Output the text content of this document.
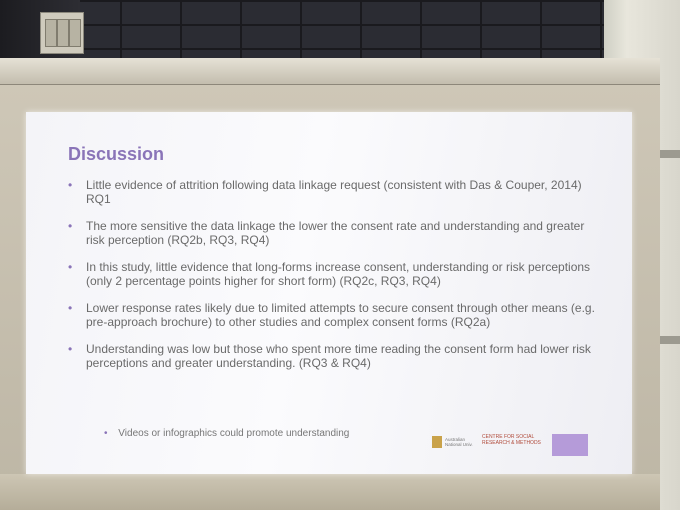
Discussion
• Little evidence of attrition following data linkage request (consistent with Das & Couper, 2014) RQ1
• The more sensitive the data linkage the lower the consent rate and understanding and greater risk perception (RQ2b, RQ3, RQ4)
• In this study, little evidence that long-forms increase consent, understanding or risk perceptions (only 2 percentage points higher for short form) (RQ2c, RQ3, RQ4)
• Lower response rates likely due to limited attempts to secure consent through other means (e.g. pre-approach brochure) to other studies and complex consent forms (RQ2a)
• Understanding was low but those who spent more time reading the consent form had lower risk perceptions and greater understanding. (RQ3 & RQ4)
• Videos or infographics could promote understanding
Australian
National Univ.
CENTRE FOR SOCIAL
RESEARCH & METHODS
